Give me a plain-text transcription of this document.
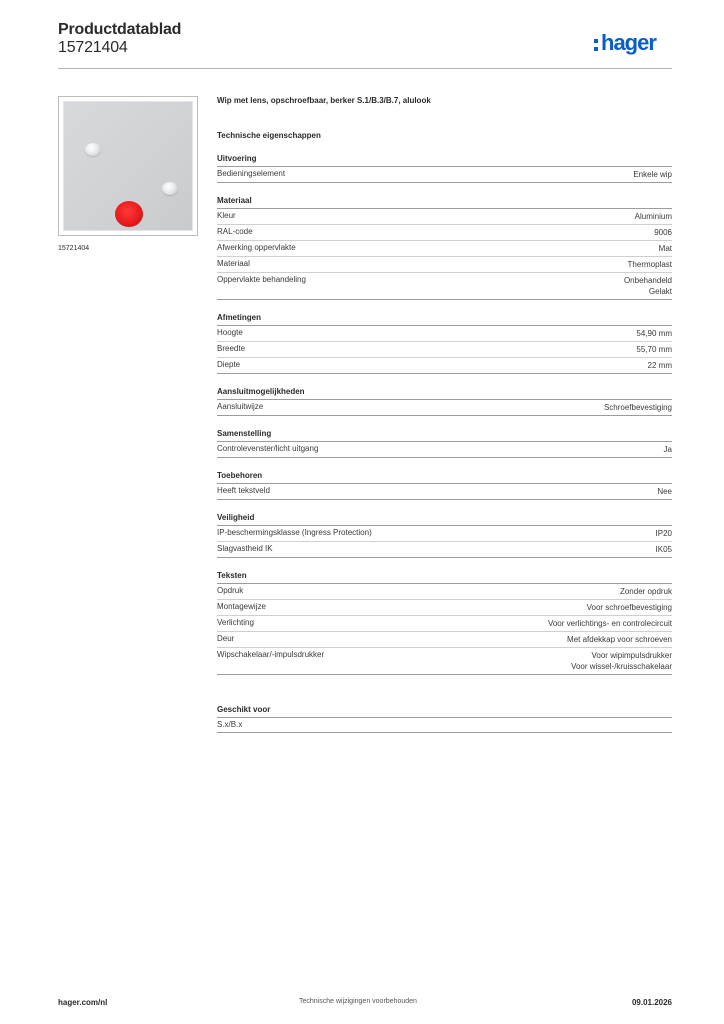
Productdatablad
15721404	hager
15721404
Wip met lens, opschroefbaar, berker S.1/B.3/B.7, alulook
Technische eigenschappen
Uitvoering
Bedieningselement	Enkele wip
Materiaal
Kleur	Aluminium
RAL-code	9006
Afwerking oppervlakte	Mat
Materiaal	Thermoplast
Oppervlakte behandeling	Onbehandeld
Gelakt
Afmetingen
Hoogte	54,90 mm
Breedte	55,70 mm
Diepte	22 mm
Aansluitmogelijkheden
Aansluitwijze	Schroefbevestiging
Samenstelling
Controlevenster/licht uitgang	Ja
Toebehoren
Heeft tekstveld	Nee
Veiligheid
IP-beschermingsklasse (Ingress Protection)	IP20
Slagvastheid IK	IK05
Teksten
Opdruk	Zonder opdruk
Montagewijze	Voor schroefbevestiging
Verlichting	Voor verlichtings- en controlecircuit
Deur	Met afdekkap voor schroeven
Wipschakelaar/-impulsdrukker	Voor wipimpulsdrukker
Voor wissel-/kruisschakelaar
Geschikt voor
S.x/B.x
hager.com/nl	Technische wijzigingen voorbehouden	09.01.2026
